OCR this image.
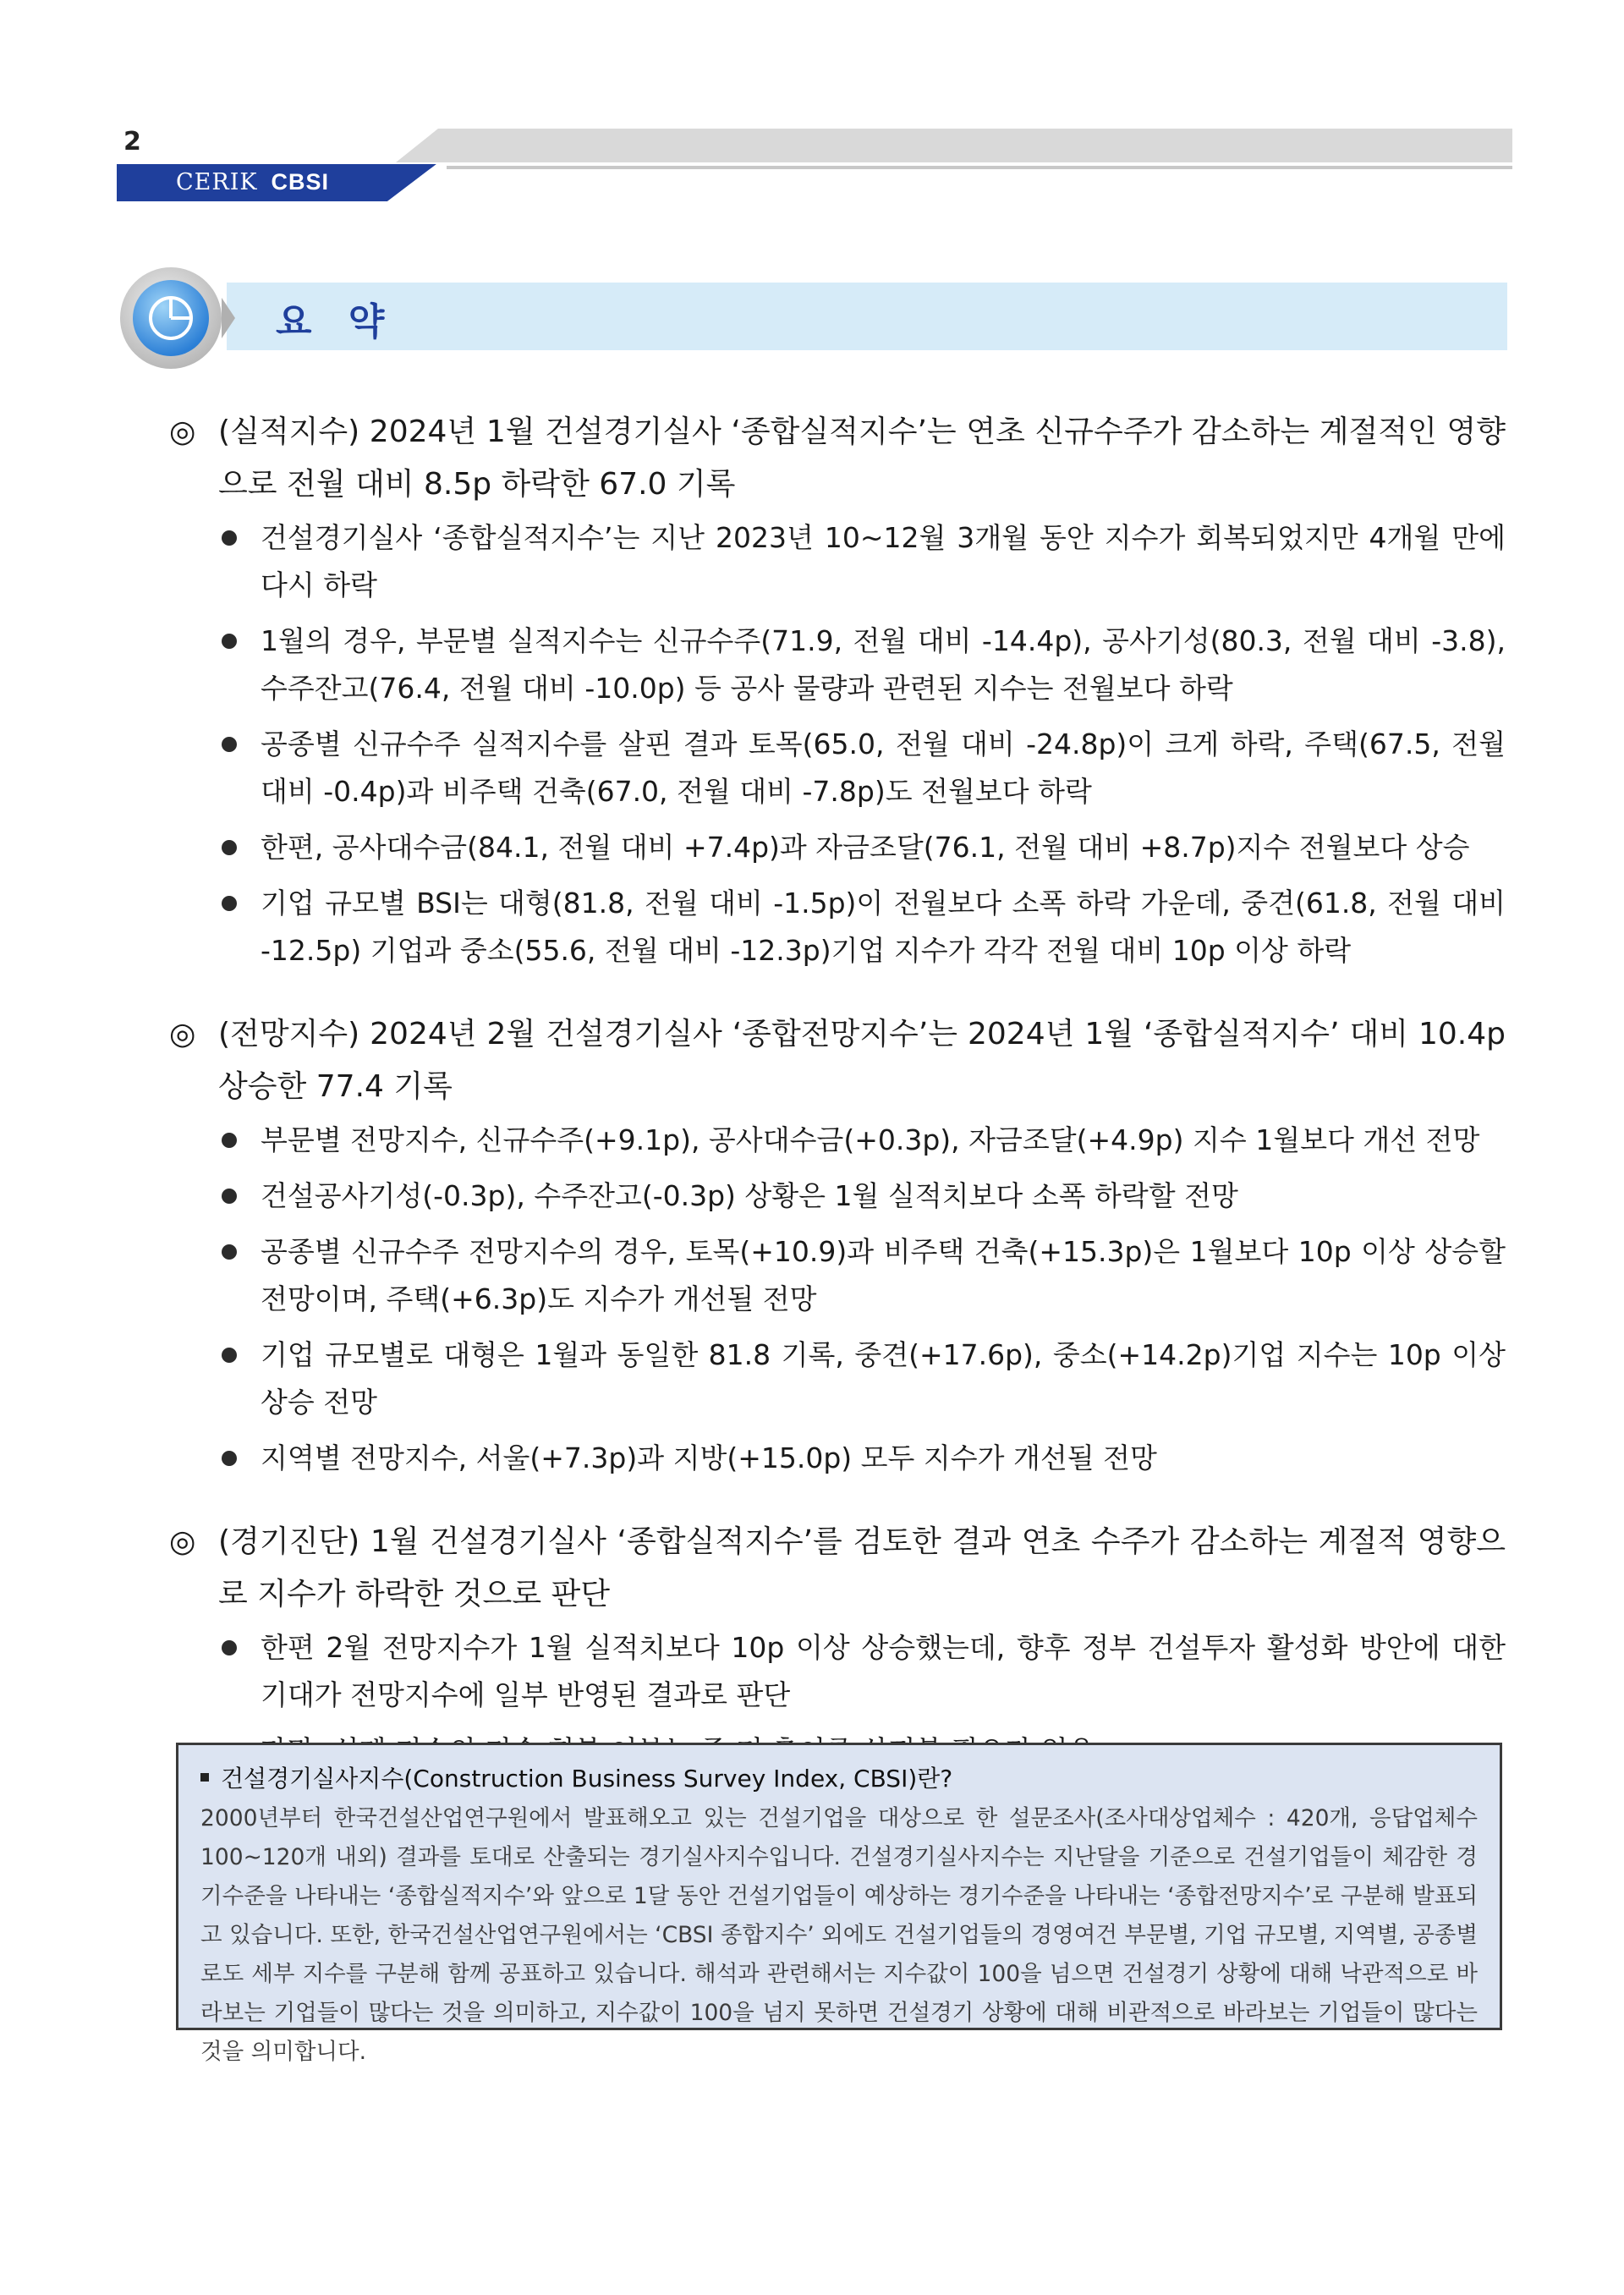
2
CERIK CBSI
요 약
◎ (실적지수) 2024년 1월 건설경기실사 ‘종합실적지수’는 연초 신규수주가 감소하는 계절적인 영향으로 전월 대비 8.5p 하락한 67.0 기록
건설경기실사 ‘종합실적지수’는 지난 2023년 10~12월 3개월 동안 지수가 회복되었지만 4개월 만에 다시 하락
1월의 경우, 부문별 실적지수는 신규수주(71.9, 전월 대비 -14.4p), 공사기성(80.3, 전월 대비 -3.8), 수주잔고(76.4, 전월 대비 -10.0p) 등 공사 물량과 관련된 지수는 전월보다 하락
공종별 신규수주 실적지수를 살핀 결과 토목(65.0, 전월 대비 -24.8p)이 크게 하락, 주택(67.5, 전월 대비 -0.4p)과 비주택 건축(67.0, 전월 대비 -7.8p)도 전월보다 하락
한편, 공사대수금(84.1, 전월 대비 +7.4p)과 자금조달(76.1, 전월 대비 +8.7p)지수 전월보다 상승
기업 규모별 BSI는 대형(81.8, 전월 대비 -1.5p)이 전월보다 소폭 하락 가운데, 중견(61.8, 전월 대비 -12.5p) 기업과 중소(55.6, 전월 대비 -12.3p)기업 지수가 각각 전월 대비 10p 이상 하락
◎ (전망지수) 2024년 2월 건설경기실사 ‘종합전망지수’는 2024년 1월 ‘종합실적지수’ 대비 10.4p 상승한 77.4 기록
부문별 전망지수, 신규수주(+9.1p), 공사대수금(+0.3p), 자금조달(+4.9p) 지수 1월보다 개선 전망
건설공사기성(-0.3p), 수주잔고(-0.3p) 상황은 1월 실적치보다 소폭 하락할 전망
공종별 신규수주 전망지수의 경우, 토목(+10.9)과 비주택 건축(+15.3p)은 1월보다 10p 이상 상승할 전망이며, 주택(+6.3p)도 지수가 개선될 전망
기업 규모별로 대형은 1월과 동일한 81.8 기록, 중견(+17.6p), 중소(+14.2p)기업 지수는 10p 이상 상승 전망
지역별 전망지수, 서울(+7.3p)과 지방(+15.0p) 모두 지수가 개선될 전망
◎ (경기진단) 1월 건설경기실사 ‘종합실적지수’를 검토한 결과 연초 수주가 감소하는 계절적 영향으로 지수가 하락한 것으로 판단
한편 2월 전망지수가 1월 실적치보다 10p 이상 상승했는데, 향후 정부 건설투자 활성화 방안에 대한 기대가 전망지수에 일부 반영된 결과로 판단
건설경기실사지수(Construction Business Survey Index, CBSI)란?
2000년부터 한국건설산업연구원에서 발표해오고 있는 건설기업을 대상으로 한 설문조사(조사대상업체수 : 420개, 응답업체수 100~120개 내외) 결과를 토대로 산출되는 경기실사지수입니다. 건설경기실사지수는 지난달을 기준으로 건설기업들이 체감한 경기수준을 나타내는 ‘종합실적지수’와 앞으로 1달 동안 건설기업들이 예상하는 경기수준을 나타내는 ‘종합전망지수’로 구분해 발표되고 있습니다. 또한, 한국건설산업연구원에서는 ‘CBSI 종합지수’ 외에도 건설기업들의 경영여건 부문별, 기업 규모별, 지역별, 공종별로도 세부 지수를 구분해 함께 공표하고 있습니다. 해석과 관련해서는 지수값이 100을 넘으면 건설경기 상황에 대해 낙관적으로 바라보는 기업들이 많다는 것을 의미하고, 지수값이 100을 넘지 못하면 건설경기 상황에 대해 비관적으로 바라보는 기업들이 많다는 것을 의미합니다.
